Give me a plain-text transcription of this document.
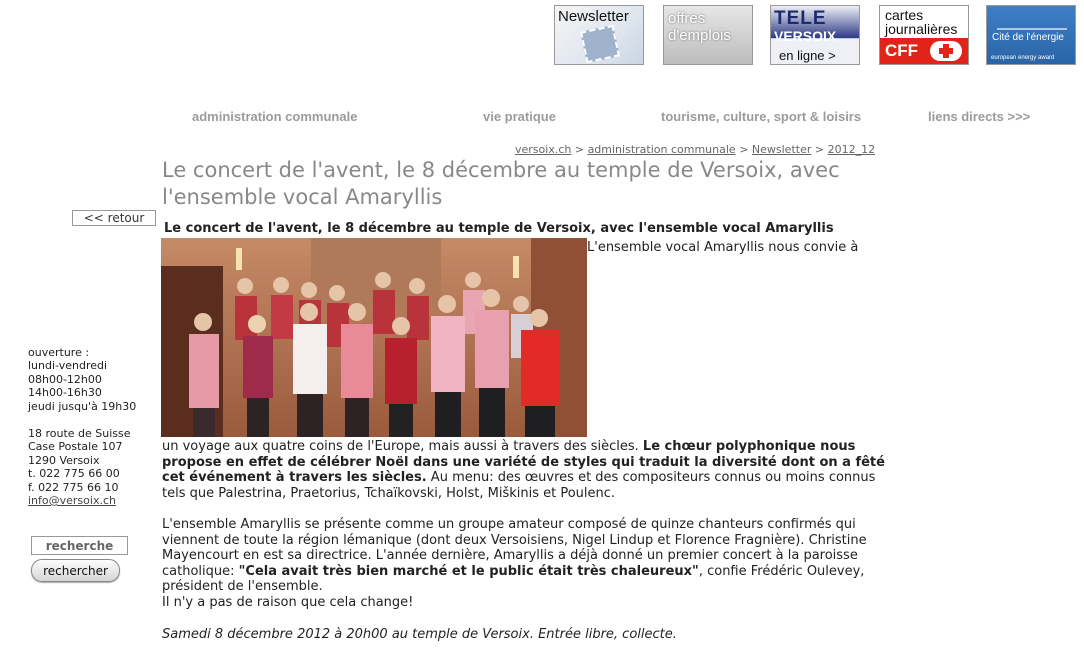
Newsletter	offres
d'emplois
TELE
VERSOIX
en ligne >
cartes
journalières
CFF
Cité de l'énergie
european energy award
administration communale	vie pratique	tourisme, culture, sport & loisirs	liens directs >>>
versoix.ch > administration communale > Newsletter > 2012_12
Le concert de l'avent, le 8 décembre au temple de Versoix, avec l'ensemble vocal Amaryllis
<< retour
ouverture :
lundi-vendredi
08h00-12h00
14h00-16h30
jeudi jusqu'à 19h30
18 route de Suisse
Case Postale 107
1290 Versoix
t. 022 775 66 00
f. 022 775 66 10
info@versoix.ch
recherche
rechercher
Le concert de l'avent, le 8 décembre au temple de Versoix, avec l'ensemble vocal Amaryllis
L'ensemble vocal Amaryllis nous convie à
un voyage aux quatre coins de l'Europe, mais aussi à travers des siècles. Le chœur polyphonique nous propose en effet de célébrer Noël dans une variété de styles qui traduit la diversité dont on a fêté cet événement à travers les siècles. Au menu: des œuvres et des compositeurs connus ou moins connus tels que Palestrina, Praetorius, Tchaïkovski, Holst, Miškinis et Poulenc.
L'ensemble Amaryllis se présente comme un groupe amateur composé de quinze chanteurs confirmés qui viennent de toute la région lémanique (dont deux Versoisiens, Nigel Lindup et Florence Fragnière). Christine Mayencourt en est sa directrice. L'année dernière, Amaryllis a déjà donné un premier concert à la paroisse catholique: "Cela avait très bien marché et le public était très chaleureux", confie Frédéric Oulevey, président de l'ensemble.
Il n'y a pas de raison que cela change!
Samedi 8 décembre 2012 à 20h00 au temple de Versoix. Entrée libre, collecte.
